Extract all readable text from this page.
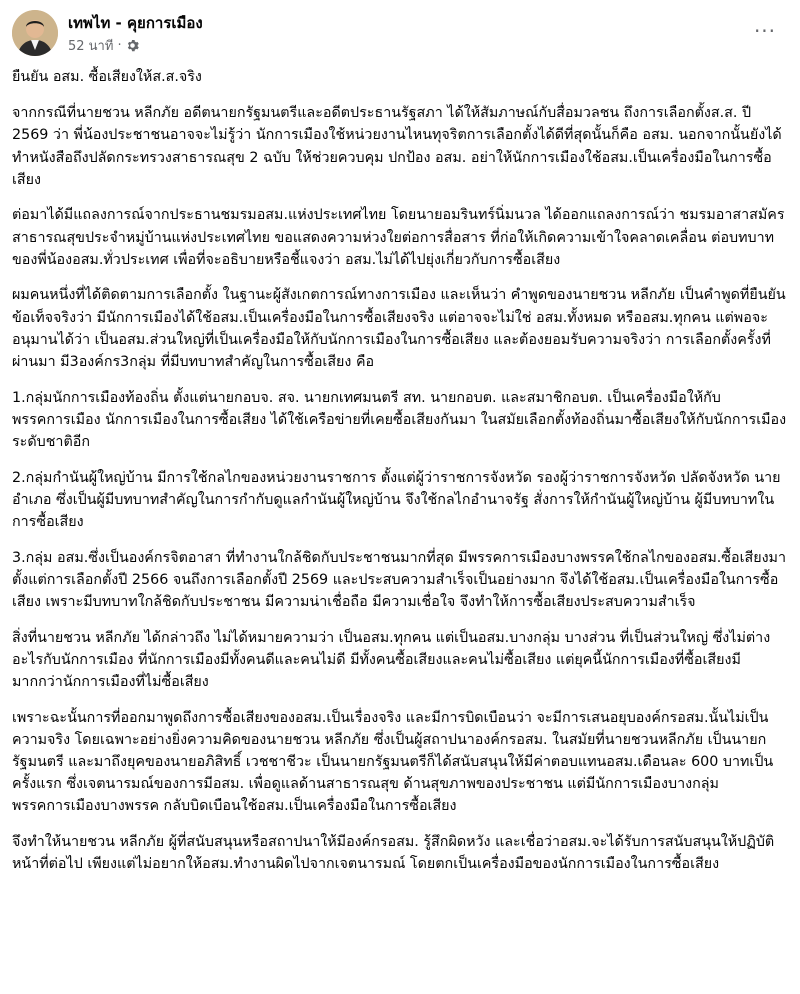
เทพไท - คุยการเมือง
52 นาที ·
···

ยืนยัน อสม. ซื้อเสียงให้ส.ส.จริง

จากกรณีที่นายชวน หลีกภัย อดีตนายกรัฐมนตรีและอดีตประธานรัฐสภา ได้ให้สัมภาษณ์กับสื่อมวลชน ถึงการเลือกตั้งส.ส. ปี 2569 ว่า พี่น้องประชาชนอาจจะไม่รู้ว่า นักการเมืองใช้หน่วยงานไหนทุจริตการเลือกตั้งได้ดีที่สุดนั้นก็คือ อสม. นอกจากนั้นยังได้ทำหนังสือถึงปลัดกระทรวงสาธารณสุข 2 ฉบับ ให้ช่วยควบคุม ปกป้อง อสม. อย่าให้นักการเมืองใช้อสม.เป็นเครื่องมือในการซื้อเสียง

ต่อมาได้มีแถลงการณ์จากประธานชมรมอสม.แห่งประเทศไทย โดยนายอมรินทร์นิ่มนวล ได้ออกแถลงการณ์ว่า ชมรมอาสาสมัครสาธารณสุขประจำหมู่บ้านแห่งประเทศไทย ขอแสดงความห่วงใยต่อการสื่อสาร ที่ก่อให้เกิดความเข้าใจคลาดเคลื่อน ต่อบทบาทของพี่น้องอสม.ทั่วประเทศ เพื่อที่จะอธิบายหรือชี้แจงว่า อสม.ไม่ได้ไปยุ่งเกี่ยวกับการซื้อเสียง

ผมคนหนึ่งที่ได้ติดตามการเลือกตั้ง ในฐานะผู้สังเกตการณ์ทางการเมือง และเห็นว่า คำพูดของนายชวน หลีกภัย เป็นคำพูดที่ยืนยันข้อเท็จจริงว่า มีนักการเมืองได้ใช้อสม.เป็นเครื่องมือในการซื้อเสียงจริง แต่อาจจะไม่ใช่ อสม.ทั้งหมด หรืออสม.ทุกคน แต่พอจะอนุมานได้ว่า เป็นอสม.ส่วนใหญ่ที่เป็นเครื่องมือให้กับนักการเมืองในการซื้อเสียง และต้องยอมรับความจริงว่า การเลือกตั้งครั้งที่ผ่านมา มี3องค์กร3กลุ่ม ที่มีบทบาทสำคัญในการซื้อเสียง คือ

1.กลุ่มนักการเมืองท้องถิ่น ตั้งแต่นายกอบจ. สจ. นายกเทศมนตรี สท. นายกอบต. และสมาชิกอบต. เป็นเครื่องมือให้กับพรรคการเมือง นักการเมืองในการซื้อเสียง ได้ใช้เครือข่ายที่เคยซื้อเสียงกันมา ในสมัยเลือกตั้งท้องถิ่นมาซื้อเสียงให้กับนักการเมืองระดับชาติอีก

2.กลุ่มกำนันผู้ใหญ่บ้าน มีการใช้กลไกของหน่วยงานราชการ ตั้งแต่ผู้ว่าราชการจังหวัด รองผู้ว่าราชการจังหวัด ปลัดจังหวัด นายอำเภอ ซึ่งเป็นผู้มีบทบาทสำคัญในการกำกับดูแลกำนันผู้ใหญ่บ้าน จึงใช้กลไกอำนาจรัฐ สั่งการให้กำนันผู้ใหญ่บ้าน ผู้มีบทบาทในการซื้อเสียง

3.กลุ่ม อสม.ซึ่งเป็นองค์กรจิตอาสา ที่ทำงานใกล้ชิดกับประชาชนมากที่สุด มีพรรคการเมืองบางพรรคใช้กลไกของอสม.ซื้อเสียงมาตั้งแต่การเลือกตั้งปี 2566 จนถึงการเลือกตั้งปี 2569 และประสบความสำเร็จเป็นอย่างมาก จึงได้ใช้อสม.เป็นเครื่องมือในการซื้อเสียง เพราะมีบทบาทใกล้ชิดกับประชาชน มีความน่าเชื่อถือ มีความเชื่อใจ จึงทำให้การซื้อเสียงประสบความสำเร็จ

สิ่งที่นายชวน หลีกภัย ได้กล่าวถึง ไม่ได้หมายความว่า เป็นอสม.ทุกคน แต่เป็นอสม.บางกลุ่ม บางส่วน ที่เป็นส่วนใหญ่ ซึ่งไม่ต่างอะไรกับนักการเมือง ที่นักการเมืองมีทั้งคนดีและคนไม่ดี มีทั้งคนซื้อเสียงและคนไม่ซื้อเสียง แต่ยุคนี้นักการเมืองที่ซื้อเสียงมีมากกว่านักการเมืองที่ไม่ซื้อเสียง

เพราะฉะนั้นการที่ออกมาพูดถึงการซื้อเสียงของอสม.เป็นเรื่องจริง และมีการบิดเบือนว่า จะมีการเสนอยุบองค์กรอสม.นั้นไม่เป็นความจริง โดยเฉพาะอย่างยิ่งความคิดของนายชวน หลีกภัย ซึ่งเป็นผู้สถาปนาองค์กรอสม. ในสมัยที่นายชวนหลีกภัย เป็นนายกรัฐมนตรี และมาถึงยุคของนายอภิสิทธิ์ เวชชาชีวะ เป็นนายกรัฐมนตรีก็ได้สนับสนุนให้มีค่าตอบแทนอสม.เดือนละ 600 บาทเป็นครั้งแรก ซึ่งเจตนารมณ์ของการมีอสม. เพื่อดูแลด้านสาธารณสุข ด้านสุขภาพของประชาชน แต่มีนักการเมืองบางกลุ่ม พรรคการเมืองบางพรรค กลับบิดเบือนใช้อสม.เป็นเครื่องมือในการซื้อเสียง

จึงทำให้นายชวน หลีกภัย ผู้ที่สนับสนุนหรือสถาปนาให้มีองค์กรอสม. รู้สึกผิดหวัง และเชื่อว่าอสม.จะได้รับการสนับสนุนให้ปฏิบัติหน้าที่ต่อไป เพียงแต่ไม่อยากให้อสม.ทำงานผิดไปจากเจตนารมณ์ โดยตกเป็นเครื่องมือของนักการเมืองในการซื้อเสียง
